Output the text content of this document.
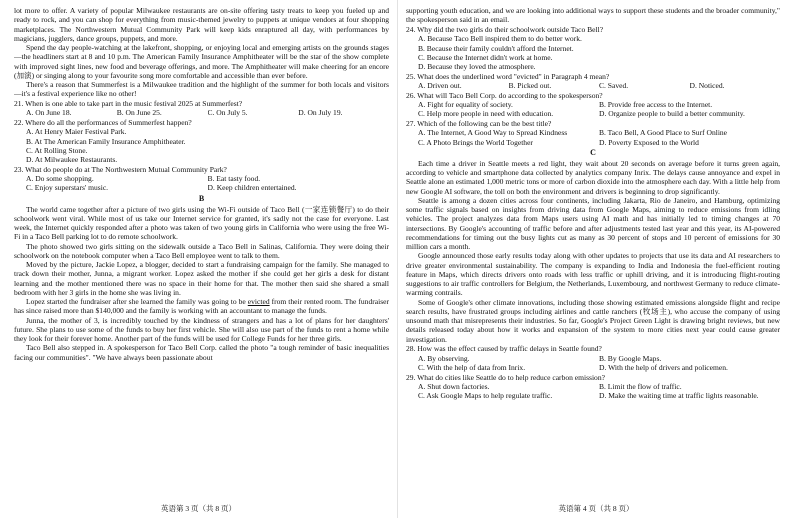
lot more to offer. A variety of popular Milwaukee restaurants are on-site offering tasty treats to keep you fueled up and ready to rock, and you can shop for everything from music-themed jewelry to puppets at unique vendors at four shopping marketplaces. The Northwestern Mutual Community Park will keep kids enraptured all day, with performances by magicians, jugglers, dance groups, puppets, and more.

Spend the day people-watching at the lakefront, shopping, or enjoying local and emerging artists on the grounds stages—the headliners start at 8 and 10 p.m. The American Family Insurance Amphitheater will be the star of the show complete with improved sight lines, new food and beverage offerings, and more. The Amphitheater will make cheering for an encore (加演) or singing along to your favourite song more comfortable and accessible than ever before.

There's a reason that Summerfest is a Milwaukee tradition and the highlight of the summer for both locals and visitors—it's a festival experience like no other!

21. When is one able to take part in the music festival 2025 at Summerfest?

A. On June 18.	B. On June 25.	C. On July 5.	D. On July 19.

22. Where do all the performances of Summerfest happen?

A. At Henry Maier Festival Park.
B. At The American Family Insurance Amphitheater.
C. At Rolling Stone.
D. At Milwaukee Restaurants.

23. What do people do at The Northwestern Mutual Community Park?

A. Do some shopping.	B. Eat tasty food.
C. Enjoy superstars' music.	D. Keep children entertained.
B

The world came together after a picture of two girls using the Wi-Fi outside of Taco Bell (一家连锁餐厅) to do their schoolwork went viral. While most of us take our Internet service for granted, it's sadly not the case for everyone. Last week, the Internet quickly responded after a photo was taken of two young girls in California who were using the free Wi-Fi in a Taco Bell parking lot to do remote schoolwork.

The photo showed two girls sitting on the sidewalk outside a Taco Bell in Salinas, California. They were doing their schoolwork on the notebook computer when a Taco Bell employee went to talk to them.

Moved by the picture, Jackie Lopez, a blogger, decided to start a fundraising campaign for the family. She managed to track down their mother, Junna, a migrant worker. Lopez asked the mother if she could get her girls a desk for distant learning and the mother mentioned there was no space in their home for that. The mother then said she shared a small bedroom with her 3 girls in the home she was living in.

Lopez started the fundraiser after she learned the family was going to be evicted from their rented room. The fundraiser has since raised more than $140,000 and the family is working with an accountant to manage the funds.

Junna, the mother of 3, is incredibly touched by the kindness of strangers and has a lot of plans for her daughters' future. She plans to use some of the funds to buy her first vehicle. She will also use part of the funds to rent a home while they look for their forever home. Another part of the funds will be used for College Funds for her three girls.

Taco Bell also stepped in. A spokesperson for Taco Bell Corp. called the photo "a tough reminder of basic inequalities facing our communities". "We have always been passionate about

英语第 3 页（共 8 页）

supporting youth education, and we are looking into additional ways to support these students and the broader community," the spokesperson said in an email.

24. Why did the two girls do their schoolwork outside Taco Bell?

A. Because Taco Bell inspired them to do better work.
B. Because their family couldn't afford the Internet.
C. Because the Internet didn't work at home.
D. Because they loved the atmosphere.

25. What does the underlined word "evicted" in Paragraph 4 mean?

A. Driven out.	B. Picked out.	C. Saved.	D. Noticed.

26. What will Taco Bell Corp. do according to the spokesperson?

A. Fight for equality of society.	B. Provide free access to the Internet.
C. Help more people in need with education.	D. Organize people to build a better community.

27. Which of the following can be the best title?

A. The Internet, A Good Way to Spread Kindness	B. Taco Bell, A Good Place to Surf Online
C. A Photo Brings the World Together	D. Poverty Exposed to the World
C

Each time a driver in Seattle meets a red light, they wait about 20 seconds on average before it turns green again, according to vehicle and smartphone data collected by analytics company Inrix. The delays cause annoyance and expel in Seattle alone an estimated 1,000 metric tons or more of carbon dioxide into the atmosphere each day. With a little help from new Google AI software, the toll on both the environment and drivers is beginning to drop significantly.

Seattle is among a dozen cities across four continents, including Jakarta, Rio de Janeiro, and Hamburg, optimizing some traffic signals based on insights from driving data from Google Maps, aiming to reduce emissions from idling vehicles. The project analyzes data from Maps users using AI math and has initially led to timing changes at 70 intersections. By Google's accounting of traffic before and after adjustments tested last year and this year, its AI-powered recommendations for timing out the busy lights cut as many as 30 percent of stops and 10 percent of emissions for 30 million cars a month.

Google announced those early results today along with other updates to projects that use its data and AI researchers to drive greater environmental sustainability. The company is expanding to India and Indonesia the fuel-efficient routing feature in Maps, which directs drivers onto roads with less traffic or uphill driving, and it is introducing flight-routing suggestions to air traffic controllers for Belgium, the Netherlands, Luxembourg, and northwest Germany to reduce climate-warming contrails.

Some of Google's other climate innovations, including those showing estimated emissions alongside flight and recipe search results, have frustrated groups including airlines and cattle ranchers (牧场主), who accuse the company of using unsound math that misrepresents their industries. So far, Google's Project Green Light is drawing bright reviews, but new details released today about how it works and expansion of the system to more cities next year could cause greater investigation.

28. How was the effect caused by traffic delays in Seattle found?

A. By observing.	B. By Google Maps.
C. With the help of data from Inrix.	D. With the help of drivers and policemen.

29. What do cities like Seattle do to help reduce carbon emission?

A. Shut down factories.	B. Limit the flow of traffic.
C. Ask Google Maps to help regulate traffic.	D. Make the waiting time at traffic lights reasonable.
英语第 4 页（共 8 页）
